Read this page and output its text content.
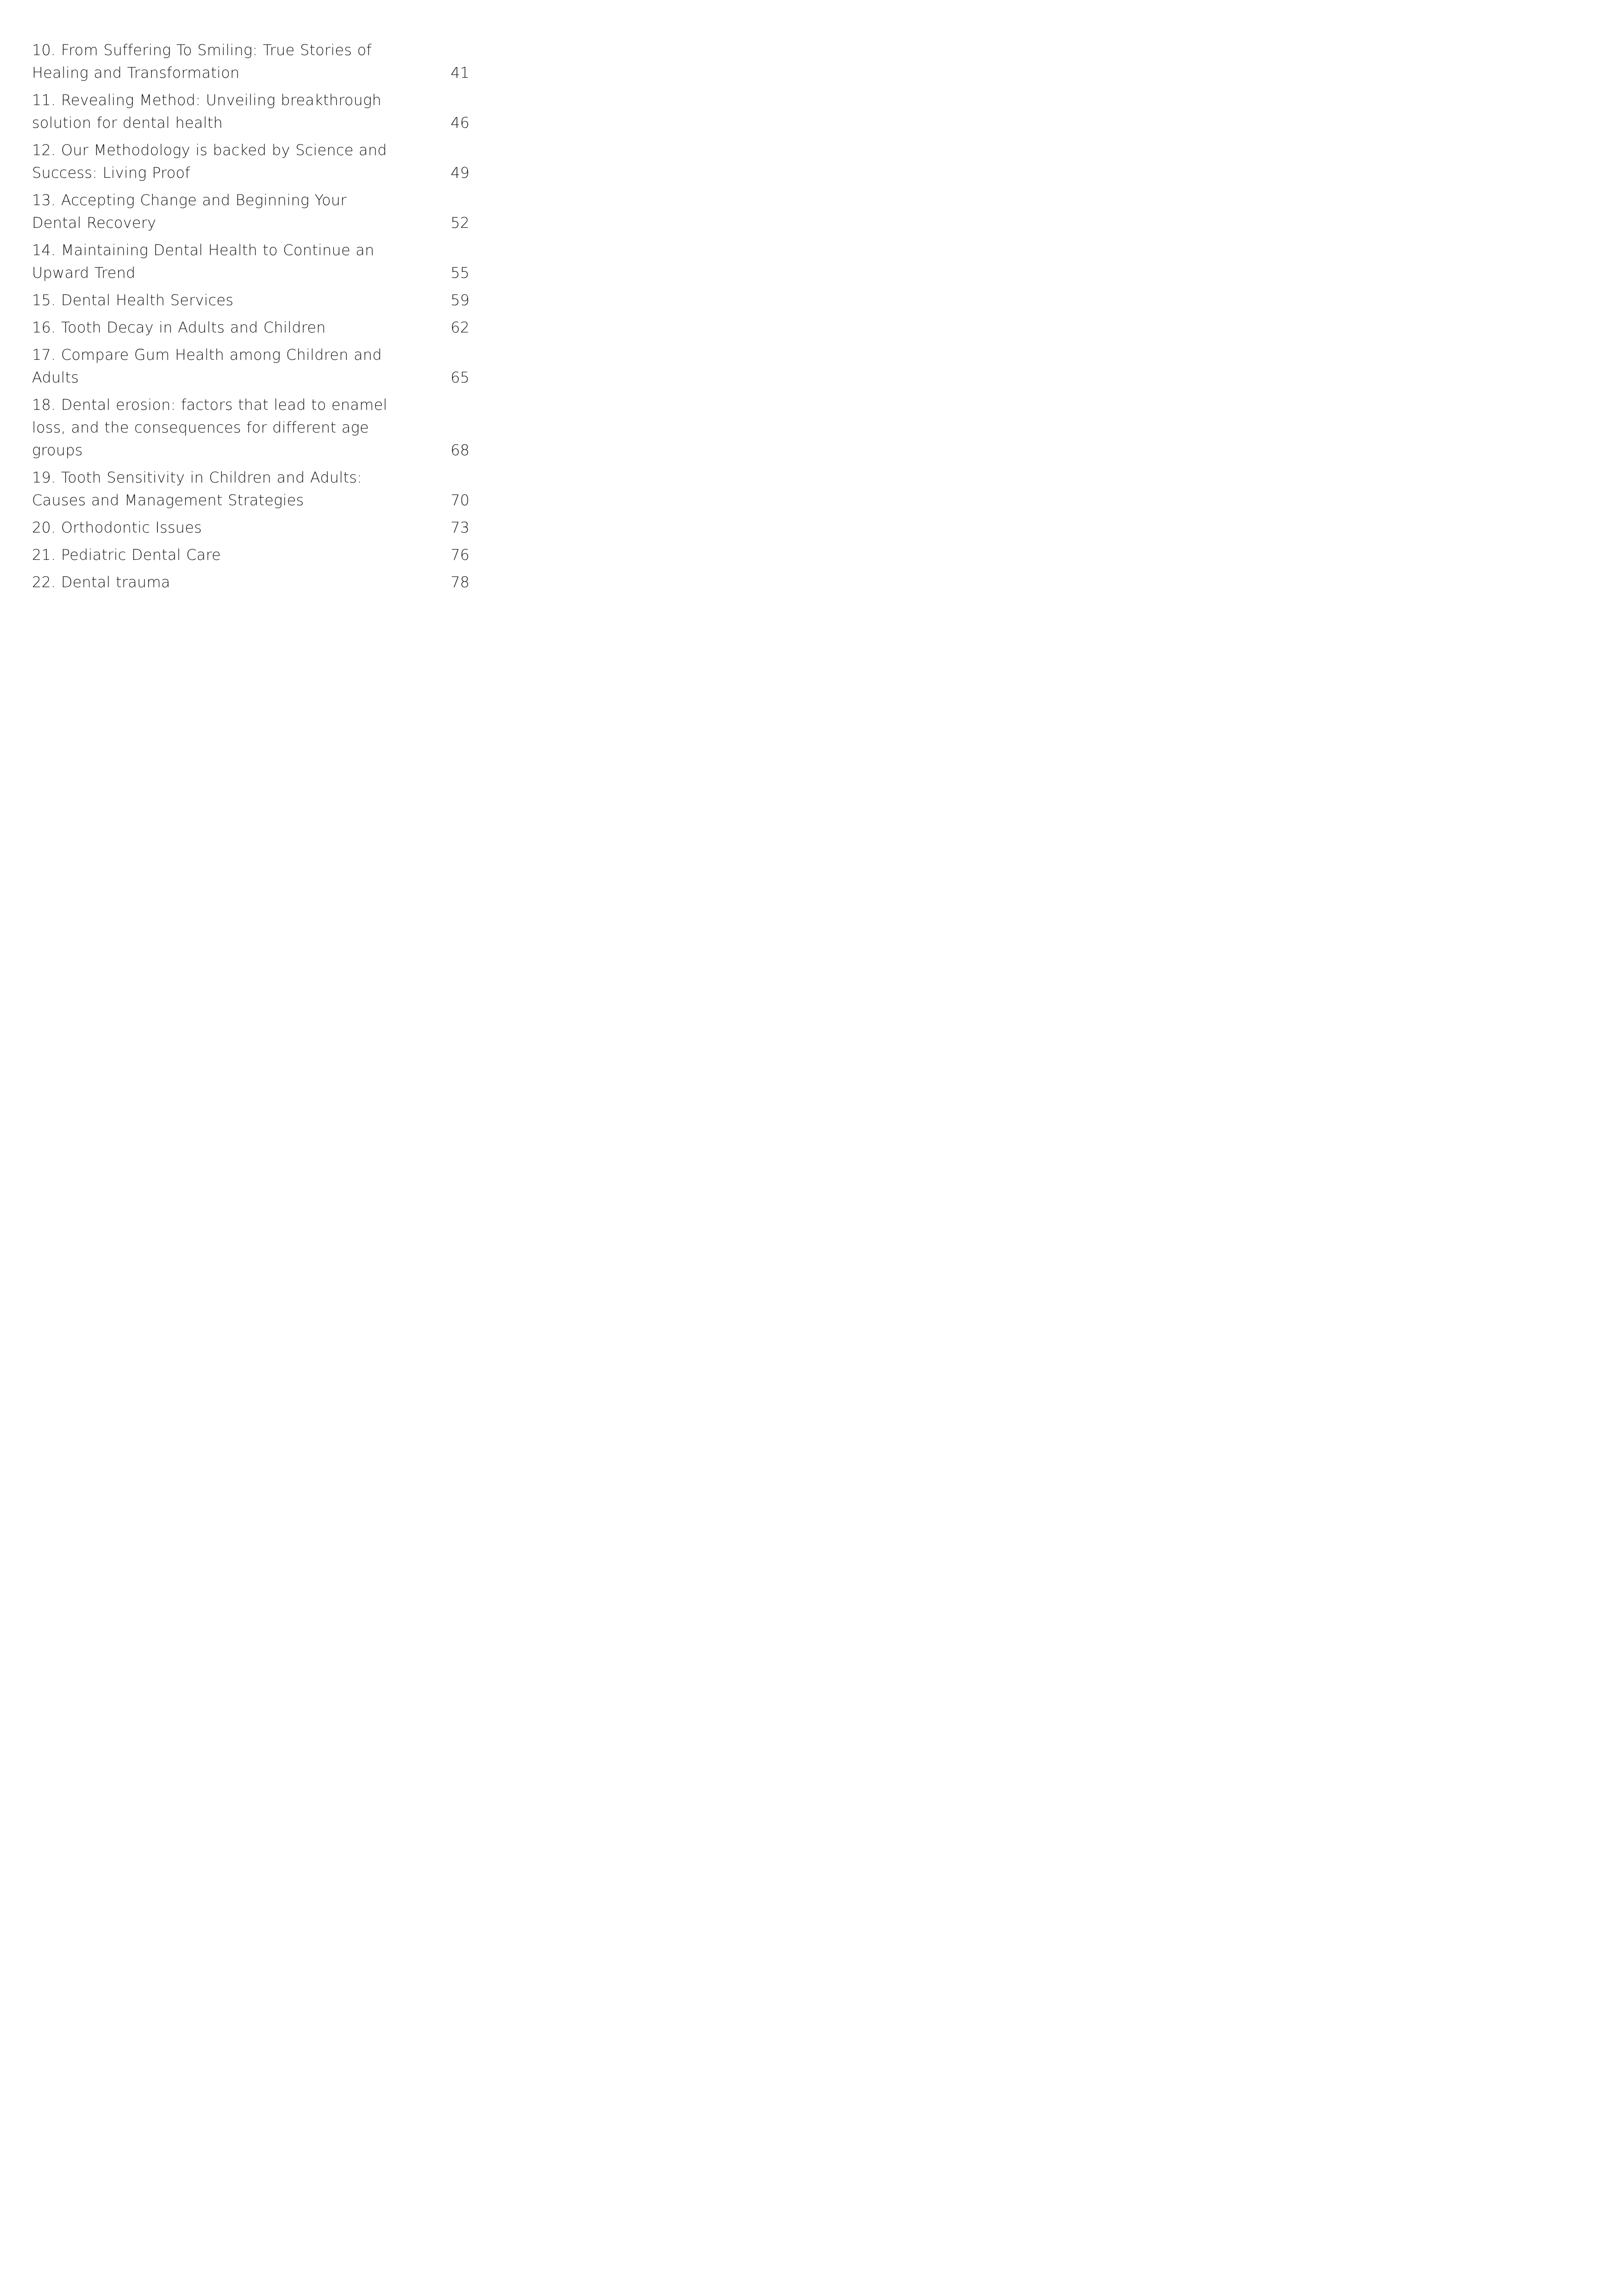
10. From Suffering To Smiling: True Stories of Healing and Transformation	41
11. Revealing Method: Unveiling breakthrough solution for dental health	46
12. Our Methodology is backed by Science and Success: Living Proof	49
13. Accepting Change and Beginning Your Dental Recovery	52
14. Maintaining Dental Health to Continue an Upward Trend	55
15. Dental Health Services	59
16. Tooth Decay in Adults and Children	62
17. Compare Gum Health among Children and Adults	65
18. Dental erosion: factors that lead to enamel loss, and the consequences for different age groups	68
19. Tooth Sensitivity in Children and Adults: Causes and Management Strategies	70
20. Orthodontic Issues	73
21. Pediatric Dental Care	76
22. Dental trauma	78
